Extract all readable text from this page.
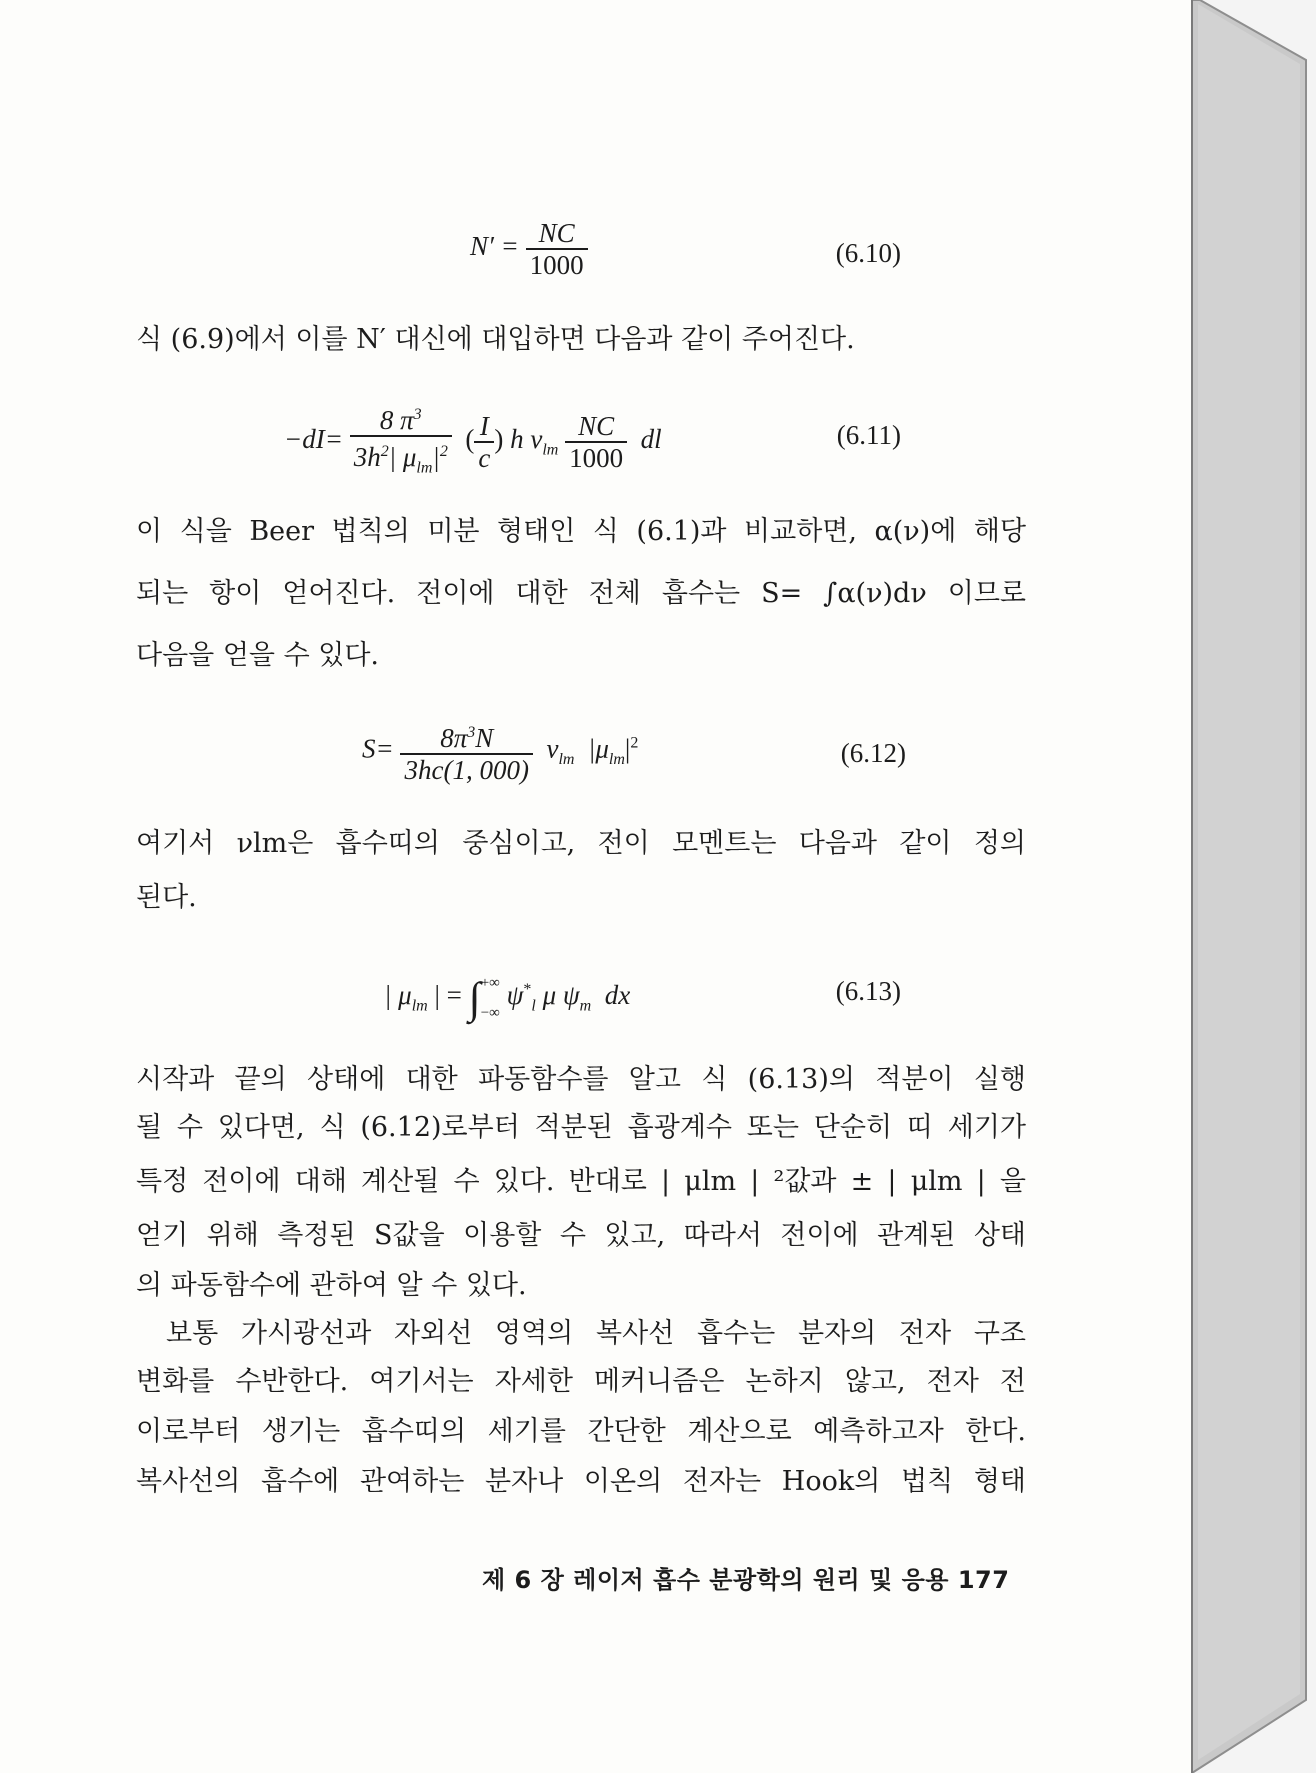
$N' = \frac{NC}{1000}$	(6.10)
식 (6.9)에서 이를 N′ 대신에 대입하면 다음과 같이 주어진다.
$-dI= \frac{8 \pi^3}{3h^2| \mu_{lm}|^2}$ ( $\frac{I}{c}$ ) h $\nu_{lm} \frac{NC}{1000}$ dl	(6.11)
이 식을 Beer 법칙의 미분 형태인 식 (6.1)과 비교하면, α(ν)에 해당
되는 항이 얻어진다. 전이에 대한 전체 흡수는 S= ∫α(ν)dν 이므로
다음을 얻을 수 있다.
$S= \frac{8\pi^3N}{3hc(1, 000)} \nu_{lm}$ $|\mu_{lm}|^2$	(6.12)
여기서 νlm은 흡수띠의 중심이고, 전이 모멘트는 다음과 같이 정의
된다.
| $\mu_{lm}$ | = ∫+∞
−∞ $\psi^*_l$ μ $\psi_m$ dx	(6.13)
시작과 끝의 상태에 대한 파동함수를 알고 식 (6.13)의 적분이 실행
될 수 있다면, 식 (6.12)로부터 적분된 흡광계수 또는 단순히 띠 세기가
특정 전이에 대해 계산될 수 있다. 반대로 | μlm | ²값과 ± | μlm | 을
얻기 위해 측정된 S값을 이용할 수 있고, 따라서 전이에 관계된 상태
의 파동함수에 관하여 알 수 있다.
보통 가시광선과 자외선 영역의 복사선 흡수는 분자의 전자 구조
변화를 수반한다. 여기서는 자세한 메커니즘은 논하지 않고, 전자 전
이로부터 생기는 흡수띠의 세기를 간단한 계산으로 예측하고자 한다.
복사선의 흡수에 관여하는 분자나 이온의 전자는 Hook의 법칙 형태
제 6 장 레이저 흡수 분광학의 원리 및 응용 177
